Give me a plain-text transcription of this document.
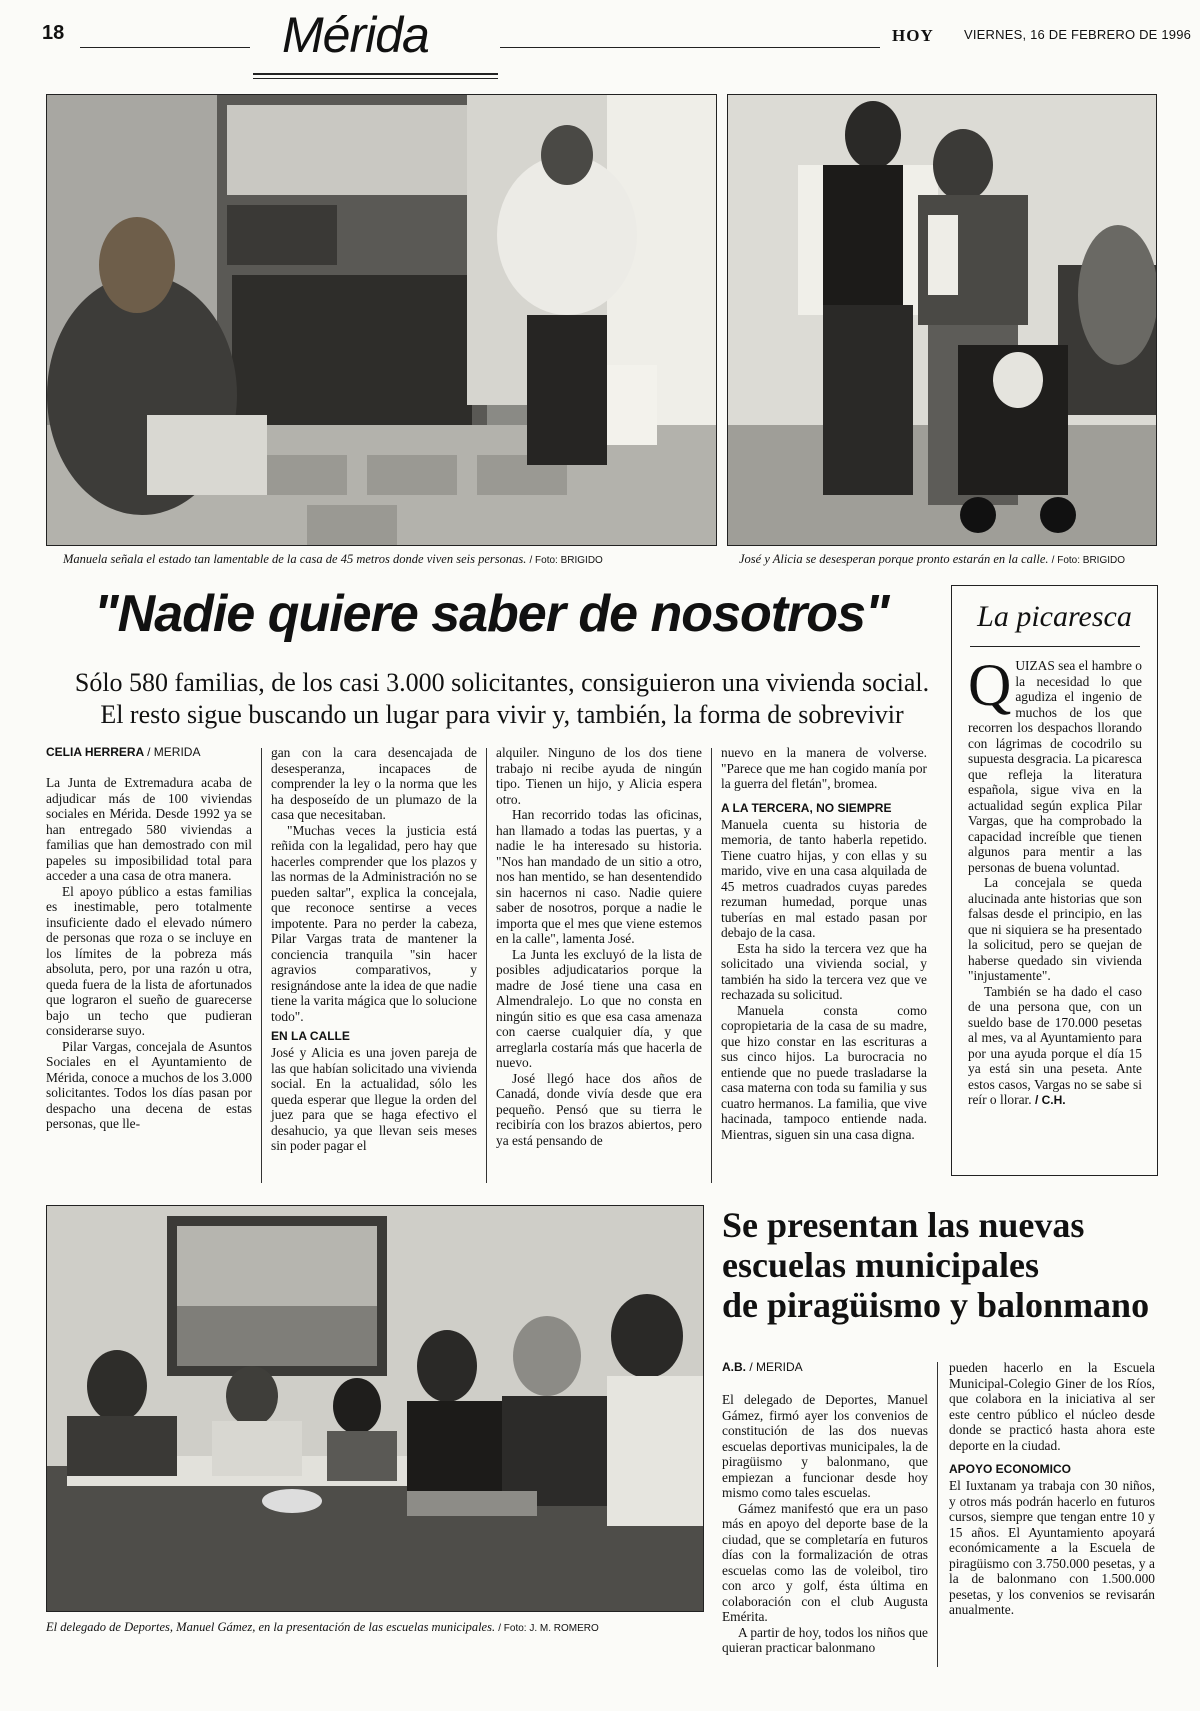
18	Mérida	HOY VIERNES, 16 DE FEBRERO DE 1996
Manuela señala el estado tan lamentable de la casa de 45 metros donde viven seis personas. / Foto: BRIGIDO	José y Alicia se desesperan porque pronto estarán en la calle. / Foto: BRIGIDO
"Nadie quiere saber de nosotros"
Sólo 580 familias, de los casi 3.000 solicitantes, consiguieron una vivienda social.
El resto sigue buscando un lugar para vivir y, también, la forma de sobrevivir
CELIA HERRERA / MERIDA

La Junta de Extremadura acaba de adjudicar más de 100 viviendas sociales en Mérida. Desde 1992 ya se han entregado 580 viviendas a familias que han demostrado con mil papeles su imposibilidad total para acceder a una casa de otra manera.

El apoyo público a estas familias es inestimable, pero totalmente insuficiente dado el elevado número de personas que roza o se incluye en los límites de la pobreza más absoluta, pero, por una razón u otra, queda fuera de la lista de afortunados que lograron el sueño de guarecerse bajo un techo que pudieran considerarse suyo.

Pilar Vargas, concejala de Asuntos Sociales en el Ayuntamiento de Mérida, conoce a muchos de los 3.000 solicitantes. Todos los días pasan por despacho una decena de estas personas, que lle-

gan con la cara desencajada de desesperanza, incapaces de comprender la ley o la norma que les ha desposeído de un plumazo de la casa que necesitaban.

"Muchas veces la justicia está reñida con la legalidad, pero hay que hacerles comprender que los plazos y las normas de la Administración no se pueden saltar", explica la concejala, que reconoce sentirse a veces impotente. Para no perder la cabeza, Pilar Vargas trata de mantener la conciencia tranquila "sin hacer agravios comparativos, y resignándose ante la idea de que nadie tiene la varita mágica que lo solucione todo".

EN LA CALLE

José y Alicia es una joven pareja de las que habían solicitado una vivienda social. En la actualidad, sólo les queda esperar que llegue la orden del juez para que se haga efectivo el desahucio, ya que llevan seis meses sin poder pagar el

alquiler. Ninguno de los dos tiene trabajo ni recibe ayuda de ningún tipo. Tienen un hijo, y Alicia espera otro.

Han recorrido todas las oficinas, han llamado a todas las puertas, y a nadie le ha interesado su historia. "Nos han mandado de un sitio a otro, nos han mentido, se han desentendido sin hacernos ni caso. Nadie quiere saber de nosotros, porque a nadie le importa que el mes que viene estemos en la calle", lamenta José.

La Junta les excluyó de la lista de posibles adjudicatarios porque la madre de José tiene una casa en Almendralejo. Lo que no consta en ningún sitio es que esa casa amenaza con caerse cualquier día, y que arreglarla costaría más que hacerla de nuevo.

José llegó hace dos años de Canadá, donde vivía desde que era pequeño. Pensó que su tierra le recibiría con los brazos abiertos, pero ya está pensando de

nuevo en la manera de volverse. "Parece que me han cogido manía por la guerra del fletán", bromea.

A LA TERCERA, NO SIEMPRE

Manuela cuenta su historia de memoria, de tanto haberla repetido. Tiene cuatro hijas, y con ellas y su marido, vive en una casa alquilada de 45 metros cuadrados cuyas paredes rezuman humedad, porque unas tuberías en mal estado pasan por debajo de la casa.

Esta ha sido la tercera vez que ha solicitado una vivienda social, y también ha sido la tercera vez que ve rechazada su solicitud.

Manuela consta como copropietaria de la casa de su madre, que hizo constar en las escrituras a sus cinco hijos. La burocracia no entiende que no puede trasladarse la casa materna con toda su familia y sus cuatro hermanos. La familia, que vive hacinada, tampoco entiende nada. Mientras, siguen sin una casa digna.

La picaresca

QUIZAS sea el hambre o la necesidad lo que agudiza el ingenio de muchos de los que recorren los despachos llorando con lágrimas de cocodrilo su supuesta desgracia. La picaresca que refleja la literatura española, sigue viva en la actualidad según explica Pilar Vargas, que ha comprobado la capacidad increíble que tienen algunos para mentir a las personas de buena voluntad.

La concejala se queda alucinada ante historias que son falsas desde el principio, en las que ni siquiera se ha presentado la solicitud, pero se quejan de haberse quedado sin vivienda "injustamente".

También se ha dado el caso de una persona que, con un sueldo base de 170.000 pesetas al mes, va al Ayuntamiento para por una ayuda porque el día 15 ya está sin una peseta. Ante estos casos, Vargas no se sabe si reír o llorar. / C.H.

El delegado de Deportes, Manuel Gámez, en la presentación de las escuelas municipales. / Foto: J. M. ROMERO
Se presentan las nuevas
escuelas municipales
de piragüismo y balonmano
A.B. / MERIDA

El delegado de Deportes, Manuel Gámez, firmó ayer los convenios de constitución de las dos nuevas escuelas deportivas municipales, la de piragüismo y balonmano, que empiezan a funcionar desde hoy mismo como tales escuelas.

Gámez manifestó que era un paso más en apoyo del deporte base de la ciudad, que se completaría en futuros días con la formalización de otras escuelas como las de voleibol, tiro con arco y golf, ésta última en colaboración con el club Augusta Emérita.

A partir de hoy, todos los niños que quieran practicar balonmano

pueden hacerlo en la Escuela Municipal-Colegio Giner de los Ríos, que colabora en la iniciativa al ser este centro público el núcleo desde donde se practicó hasta ahora este deporte en la ciudad.

APOYO ECONOMICO

El Iuxtanam ya trabaja con 30 niños, y otros más podrán hacerlo en futuros cursos, siempre que tengan entre 10 y 15 años. El Ayuntamiento apoyará económicamente a la Escuela de piragüismo con 3.750.000 pesetas, y a la de balonmano con 1.500.000 pesetas, y los convenios se revisarán anualmente.
